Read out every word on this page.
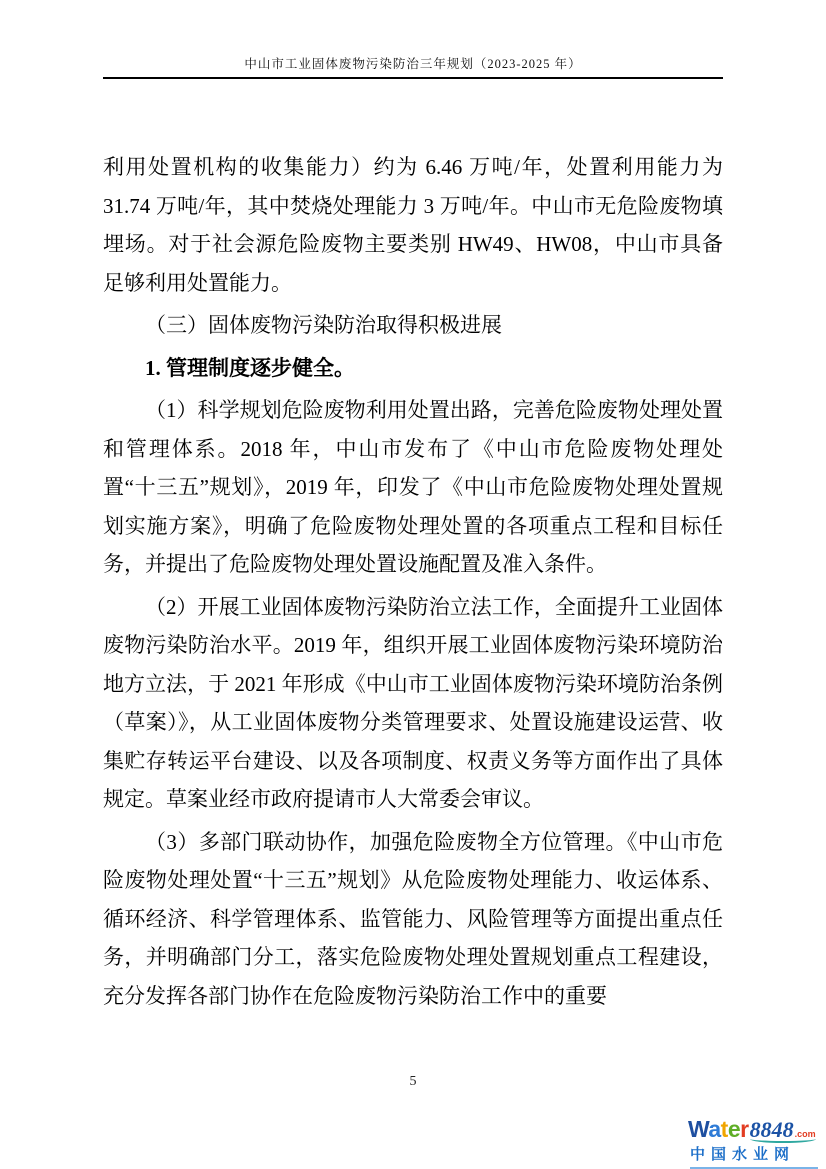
中山市工业固体废物污染防治三年规划（2023-2025 年）

利用处置机构的收集能力）约为 6.46 万吨/年，处置利用能力为 31.74 万吨/年，其中焚烧处理能力 3 万吨/年。中山市无危险废物填埋场。对于社会源危险废物主要类别 HW49、HW08，中山市具备足够利用处置能力。

（三）固体废物污染防治取得积极进展

1. 管理制度逐步健全。

（1）科学规划危险废物利用处置出路，完善危险废物处理处置和管理体系。2018 年，中山市发布了《中山市危险废物处理处置“十三五”规划》，2019 年，印发了《中山市危险废物处理处置规划实施方案》，明确了危险废物处理处置的各项重点工程和目标任务，并提出了危险废物处理处置设施配置及准入条件。

（2）开展工业固体废物污染防治立法工作，全面提升工业固体废物污染防治水平。2019 年，组织开展工业固体废物污染环境防治地方立法，于 2021 年形成《中山市工业固体废物污染环境防治条例（草案）》，从工业固体废物分类管理要求、处置设施建设运营、收集贮存转运平台建设、以及各项制度、权责义务等方面作出了具体规定。草案业经市政府提请市人大常委会审议。

（3）多部门联动协作，加强危险废物全方位管理。《中山市危险废物处理处置“十三五”规划》从危险废物处理能力、收运体系、循环经济、科学管理体系、监管能力、风险管理等方面提出重点任务，并明确部门分工，落实危险废物处理处置规划重点工程建设，充分发挥各部门协作在危险废物污染防治工作中的重要

5
Water 8848 .com
中国水业网
